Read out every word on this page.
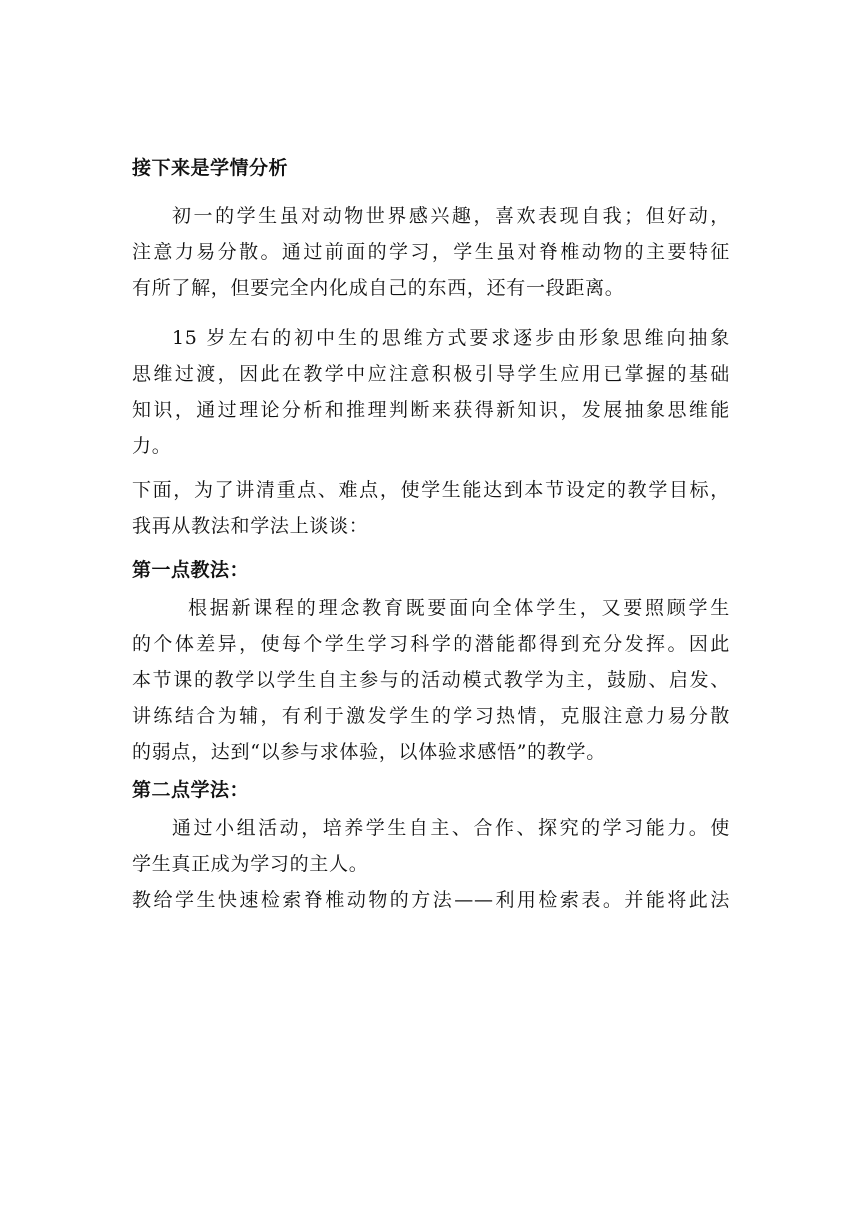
接下来是学情分析
初一的学生虽对动物世界感兴趣，喜欢表现自我；但好动，
注意力易分散。通过前面的学习，学生虽对脊椎动物的主要特征
有所了解，但要完全内化成自己的东西，还有一段距离。
15 岁左右的初中生的思维方式要求逐步由形象思维向抽象
思维过渡，因此在教学中应注意积极引导学生应用已掌握的基础
知识，通过理论分析和推理判断来获得新知识，发展抽象思维能
力。
下面，为了讲清重点、难点，使学生能达到本节设定的教学目标，
我再从教法和学法上谈谈：
第一点教法：
根据新课程的理念教育既要面向全体学生，又要照顾学生
的个体差异，使每个学生学习科学的潜能都得到充分发挥。因此
本节课的教学以学生自主参与的活动模式教学为主，鼓励、启发、
讲练结合为辅，有利于激发学生的学习热情，克服注意力易分散
的弱点，达到“以参与求体验，以体验求感悟”的教学。
第二点学法：
通过小组活动，培养学生自主、合作、探究的学习能力。使
学生真正成为学习的主人。
教给学生快速检索脊椎动物的方法——利用检索表。并能将此法
